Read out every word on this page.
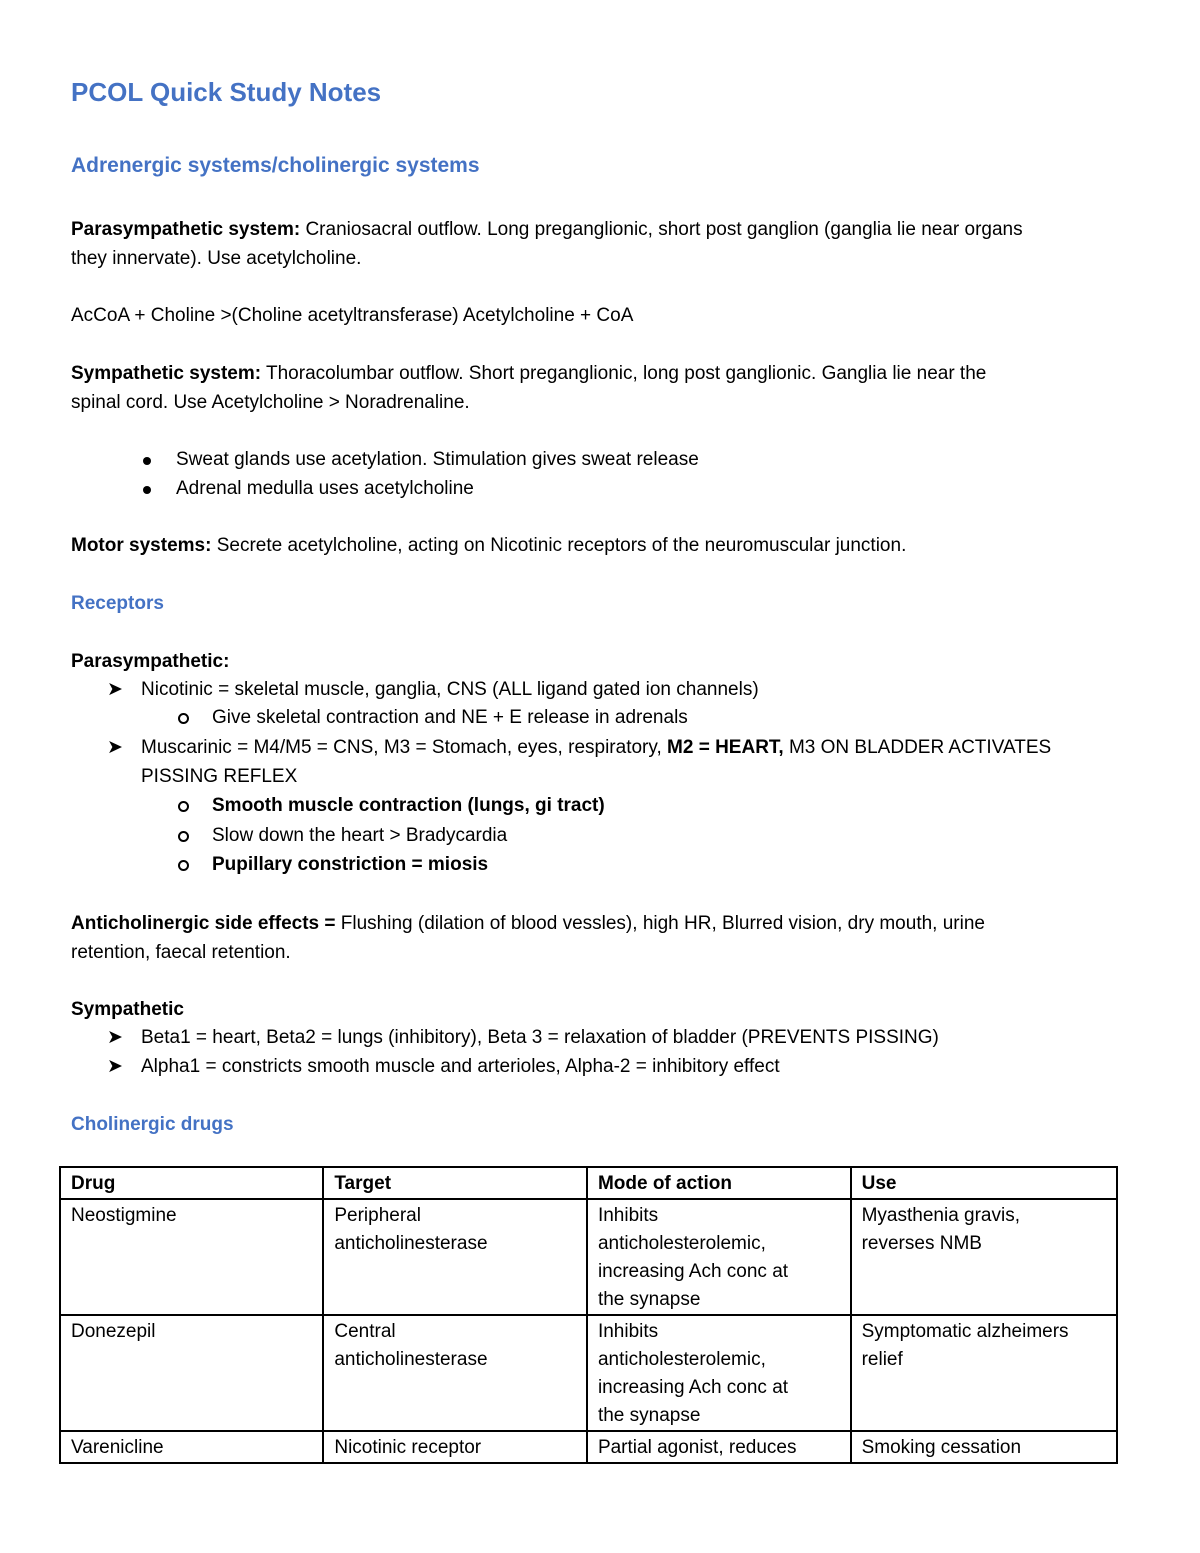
PCOL Quick Study Notes
Adrenergic systems/cholinergic systems
Parasympathetic system: Craniosacral outflow. Long preganglionic, short post ganglion (ganglia lie near organs
they innervate). Use acetylcholine.
AcCoA + Choline >(Choline acetyltransferase) Acetylcholine + CoA
Sympathetic system: Thoracolumbar outflow. Short preganglionic, long post ganglionic. Ganglia lie near the
spinal cord. Use Acetylcholine > Noradrenaline.
Sweat glands use acetylation. Stimulation gives sweat release
Adrenal medulla uses acetylcholine
Motor systems: Secrete acetylcholine, acting on Nicotinic receptors of the neuromuscular junction.
Receptors
Parasympathetic:
➤ Nicotinic = skeletal muscle, ganglia, CNS (ALL ligand gated ion channels)
Give skeletal contraction and NE + E release in adrenals
➤ Muscarinic = M4/M5 = CNS, M3 = Stomach, eyes, respiratory, M2 = HEART, M3 ON BLADDER ACTIVATES
PISSING REFLEX
Smooth muscle contraction (lungs, gi tract)
Slow down the heart > Bradycardia
Pupillary constriction = miosis
Anticholinergic side effects = Flushing (dilation of blood vessles), high HR, Blurred vision, dry mouth, urine
retention, faecal retention.
Sympathetic
➤ Beta1 = heart, Beta2 = lungs (inhibitory), Beta 3 = relaxation of bladder (PREVENTS PISSING)
➤ Alpha1 = constricts smooth muscle and arterioles, Alpha-2 = inhibitory effect
Cholinergic drugs
Drug	Target	Mode of action	Use
Neostigmine	Peripheral
anticholinesterase	Inhibits
anticholesterolemic,
increasing Ach conc at
the synapse	Myasthenia gravis,
reverses NMB
Donezepil	Central
anticholinesterase	Inhibits
anticholesterolemic,
increasing Ach conc at
the synapse	Symptomatic alzheimers
relief
Varenicline	Nicotinic receptor	Partial agonist, reduces	Smoking cessation
